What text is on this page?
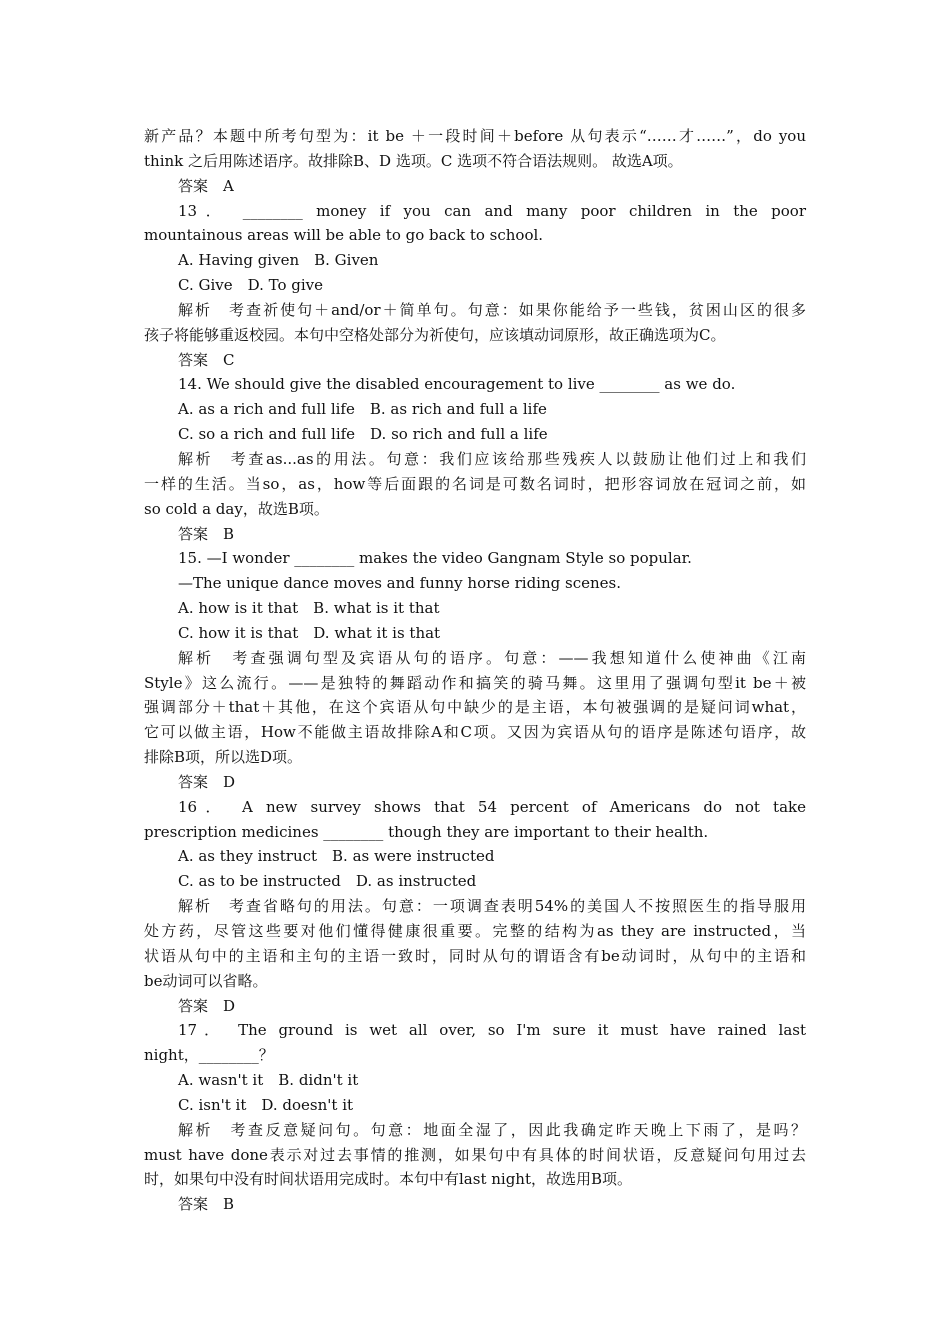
新产品？本题中所考句型为：it be ＋一段时间＋before 从句表示“……才……”，do you
think 之后用陈述语序。故排除B、D 选项。C 选项不符合语法规则。 故选A项。
答案　A
13． ________ money if you can and many poor children in the poor
mountainous areas will be able to go back to school.
A. Having given　B. Given
C. Give　D. To give
解析　考查祈使句＋and/or＋简单句。句意：如果你能给予一些钱，贫困山区的很多
孩子将能够重返校园。本句中空格处部分为祈使句，应该填动词原形，故正确选项为C。
答案　C
14. We should give the disabled encouragement to live ________ as we do.
A. as a rich and full life　B. as rich and full a life
C. so a rich and full life　D. so rich and full a life
解析　考查as...as的用法。句意：我们应该给那些残疾人以鼓励让他们过上和我们
一样的生活。当so，as，how等后面跟的名词是可数名词时，把形容词放在冠词之前，如
so cold a day，故选B项。
答案　B
15. —I wonder ________ makes the video Gangnam Style so popular.
—The unique dance moves and funny horse riding scenes.
A. how is it that　B. what is it that
C. how it is that　D. what it is that
解析　考查强调句型及宾语从句的语序。句意：——我想知道什么使神曲《江南
Style》这么流行。——是独特的舞蹈动作和搞笑的骑马舞。这里用了强调句型it be＋被
强调部分＋that＋其他，在这个宾语从句中缺少的是主语，本句被强调的是疑问词what，
它可以做主语，How不能做主语故排除A和C项。又因为宾语从句的语序是陈述句语序，故
排除B项，所以选D项。
答案　D
16． A new survey shows that 54 percent of Americans do not take
prescription medicines ________ though they are important to their health.
A. as they instruct　B. as were instructed
C. as to be instructed　D. as instructed
解析　考查省略句的用法。句意：一项调查表明54%的美国人不按照医生的指导服用
处方药，尽管这些要对他们懂得健康很重要。完整的结构为as they are instructed，当
状语从句中的主语和主句的主语一致时，同时从句的谓语含有be动词时，从句中的主语和
be动词可以省略。
答案　D
17． The ground is wet all over, so I'm sure it must have rained last
night，________？
A. wasn't it　B. didn't it
C. isn't it　D. doesn't it
解析　考查反意疑问句。句意：地面全湿了，因此我确定昨天晚上下雨了，是吗？
must have done表示对过去事情的推测，如果句中有具体的时间状语，反意疑问句用过去
时，如果句中没有时间状语用完成时。本句中有last night，故选用B项。
答案　B
